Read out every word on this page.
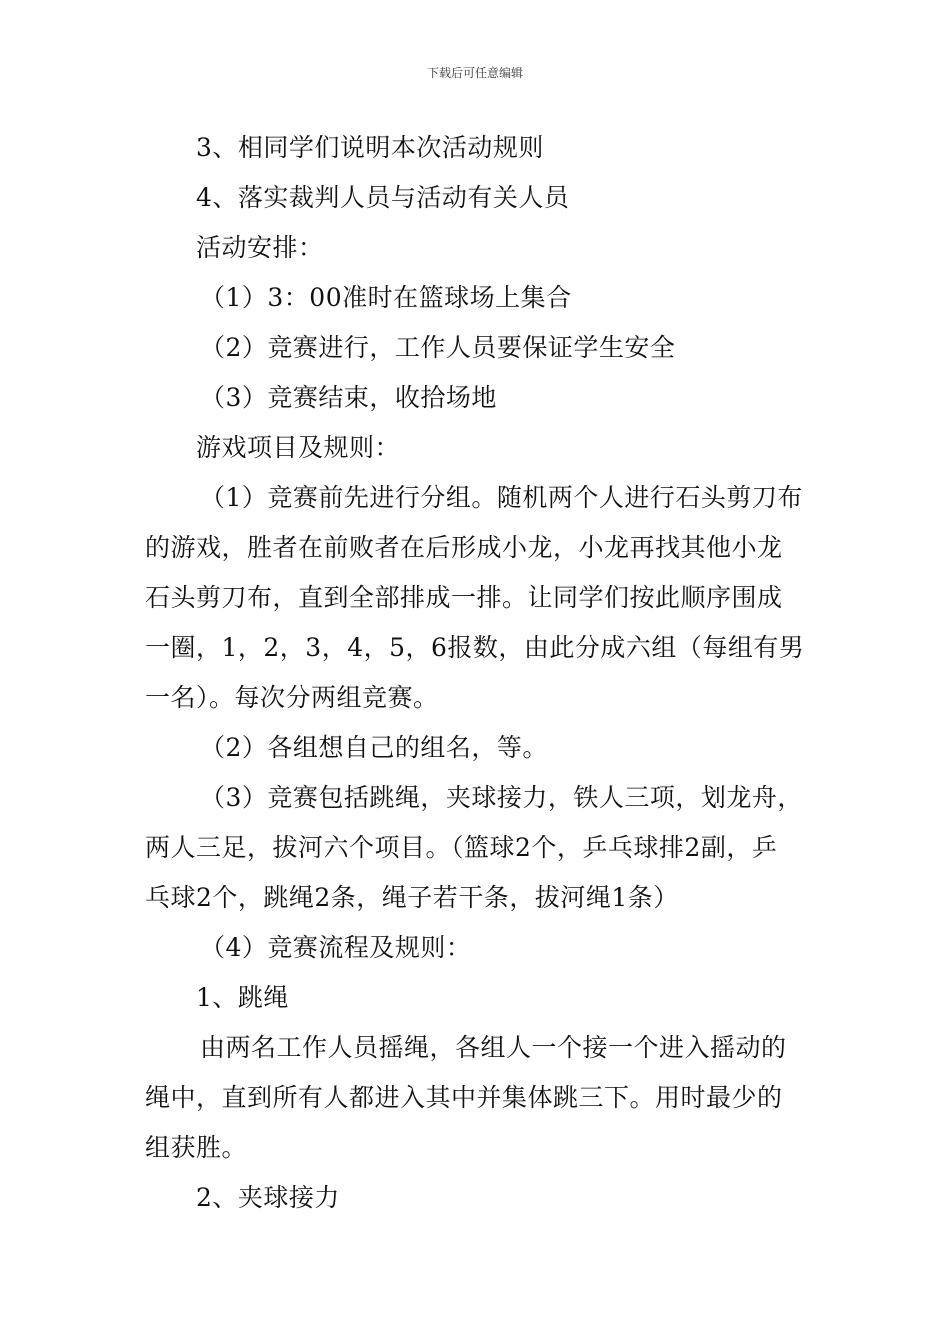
下载后可任意编辑
3、相同学们说明本次活动规则
4、落实裁判人员与活动有关人员
活动安排：
（1）3：00准时在篮球场上集合
（2）竞赛进行，工作人员要保证学生安全
（3）竞赛结束，收拾场地
游戏项目及规则：
（1）竞赛前先进行分组。随机两个人进行石头剪刀布
的游戏，胜者在前败者在后形成小龙，小龙再找其他小龙
石头剪刀布，直到全部排成一排。让同学们按此顺序围成
一圈，1，2，3，4，5，6报数，由此分成六组（每组有男
一名）。每次分两组竞赛。
（2）各组想自己的组名，等。
（3）竞赛包括跳绳，夹球接力，铁人三项，划龙舟，
两人三足，拔河六个项目。（篮球2个，乒乓球排2副，乒
乓球2个，跳绳2条，绳子若干条，拔河绳1条）
（4）竞赛流程及规则：
1、跳绳
由两名工作人员摇绳，各组人一个接一个进入摇动的
绳中，直到所有人都进入其中并集体跳三下。用时最少的
组获胜。
2、夹球接力
